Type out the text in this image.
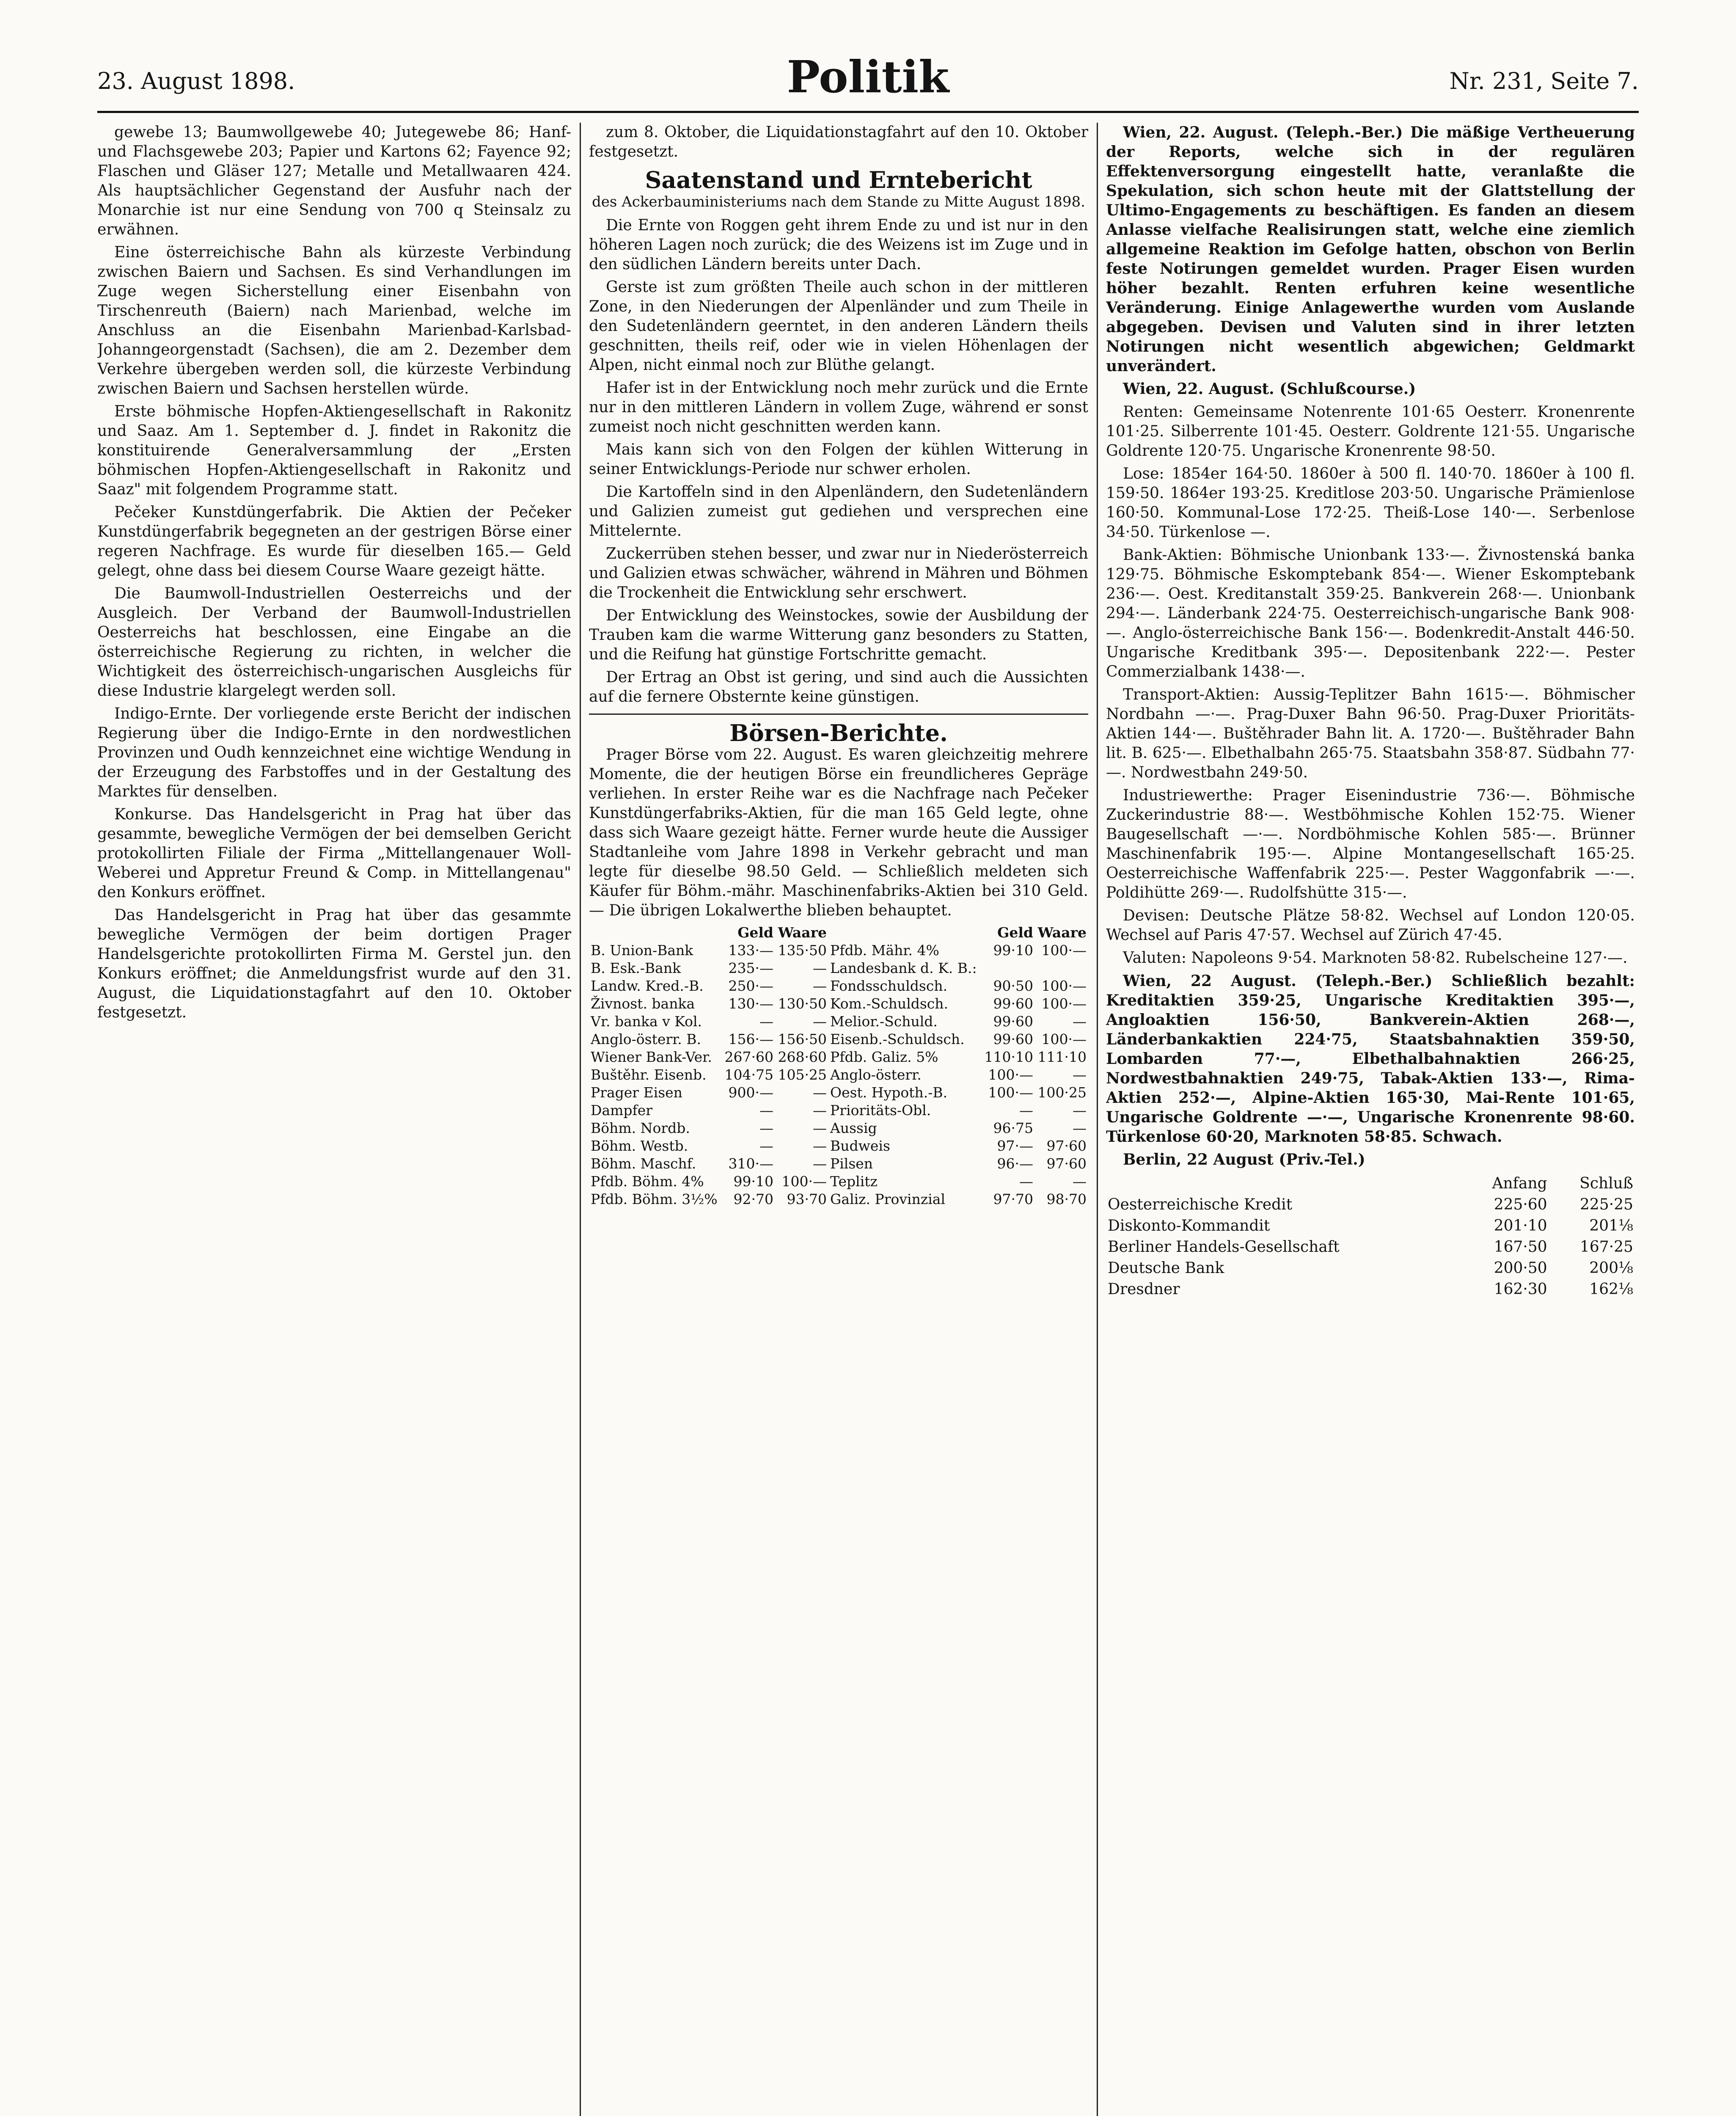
23. August 1898.	Politik	Nr. 231, Seite 7.

gewebe 13; Baumwollgewebe 40; Jutegewebe 86; Hanf- und Flachsgewebe 203; Papier und Kartons 62; Fayence 92; Flaschen und Gläser 127; Metalle und Metallwaaren 424. Als hauptsächlicher Gegenstand der Ausfuhr nach der Monarchie ist nur eine Sendung von 700 q Steinsalz zu erwähnen.

Eine österreichische Bahn als kürzeste Verbindung zwischen Baiern und Sachsen. Es sind Verhandlungen im Zuge wegen Sicherstellung einer Eisenbahn von Tirschenreuth (Baiern) nach Marienbad, welche im Anschluss an die Eisenbahn Marienbad-Karlsbad-Johanngeorgenstadt (Sachsen), die am 2. Dezember dem Verkehre übergeben werden soll, die kürzeste Verbindung zwischen Baiern und Sachsen herstellen würde.

Erste böhmische Hopfen-Aktiengesellschaft in Rakonitz und Saaz. Am 1. September d. J. findet in Rakonitz die konstituirende Generalversammlung der „Ersten böhmischen Hopfen-Aktiengesellschaft in Rakonitz und Saaz" mit folgendem Programme statt.

Pečeker Kunstdüngerfabrik. Die Aktien der Pečeker Kunstdüngerfabrik begegneten an der gestrigen Börse einer regeren Nachfrage. Es wurde für dieselben 165.— Geld gelegt, ohne dass bei diesem Course Waare gezeigt hätte.

Die Baumwoll-Industriellen Oesterreichs und der Ausgleich. Der Verband der Baumwoll-Industriellen Oesterreichs hat beschlossen, eine Eingabe an die österreichische Regierung zu richten, in welcher die Wichtigkeit des österreichisch-ungarischen Ausgleichs für diese Industrie klargelegt werden soll.

Indigo-Ernte. Der vorliegende erste Bericht der indischen Regierung über die Indigo-Ernte in den nordwestlichen Provinzen und Oudh kennzeichnet eine wichtige Wendung in der Erzeugung des Farbstoffes und in der Gestaltung des Marktes für denselben.

Konkurse. Das Handelsgericht in Prag hat über das gesammte, bewegliche Vermögen der bei demselben Gericht protokollirten Filiale der Firma „Mittellangenauer Woll-Weberei und Appretur Freund & Comp. in Mittellangenau" den Konkurs eröffnet.

Das Handelsgericht in Prag hat über das gesammte bewegliche Vermögen der beim dortigen Prager Handelsgerichte protokollirten Firma M. Gerstel jun. den Konkurs eröffnet; die Anmeldungsfrist wurde auf den 31. August, die Liquidationstagfahrt auf den 10. Oktober festgesetzt.

zum 8. Oktober, die Liquidationstagfahrt auf den 10. Oktober festgesetzt.

Saatenstand und Erntebericht
des Ackerbauministeriums nach dem Stande zu Mitte August 1898.

Die Ernte von Roggen geht ihrem Ende zu und ist nur in den höheren Lagen noch zurück; die des Weizens ist im Zuge und in den südlichen Ländern bereits unter Dach.

Gerste ist zum größten Theile auch schon in der mittleren Zone, in den Niederungen der Alpenländer und zum Theile in den Sudetenländern geerntet, in den anderen Ländern theils geschnitten, theils reif, oder wie in vielen Höhenlagen der Alpen, nicht einmal noch zur Blüthe gelangt.

Hafer ist in der Entwicklung noch mehr zurück und die Ernte nur in den mittleren Ländern in vollem Zuge, während er sonst zumeist noch nicht geschnitten werden kann.

Mais kann sich von den Folgen der kühlen Witterung in seiner Entwicklungs-Periode nur schwer erholen.

Die Kartoffeln sind in den Alpenländern, den Sudetenländern und Galizien zumeist gut gediehen und versprechen eine Mittelernte.

Zuckerrüben stehen besser, und zwar nur in Niederösterreich und Galizien etwas schwächer, während in Mähren und Böhmen die Trockenheit die Entwicklung sehr erschwert.

Der Entwicklung des Weinstockes, sowie der Ausbildung der Trauben kam die warme Witterung ganz besonders zu Statten, und die Reifung hat günstige Fortschritte gemacht.

Der Ertrag an Obst ist gering, und sind auch die Aussichten auf die fernere Obsternte keine günstigen.

Börsen-Berichte.

Prager Börse vom 22. August. Es waren gleichzeitig mehrere Momente, die der heutigen Börse ein freundlicheres Gepräge verliehen. In erster Reihe war es die Nachfrage nach Pečeker Kunstdüngerfabriks-Aktien, für die man 165 Geld legte, ohne dass sich Waare gezeigt hätte. Ferner wurde heute die Aussiger Stadtanleihe vom Jahre 1898 in Verkehr gebracht und man legte für dieselbe 98.50 Geld. — Schließlich meldeten sich Käufer für Böhm.-mähr. Maschinenfabriks-Aktien bei 310 Geld. — Die übrigen Lokalwerthe blieben behauptet.

	Geld	Waare		Geld	Waare
B. Union-Bank	133·—	135·50	Pfdb. Mähr. 4%	99·10	100·—
B. Esk.-Bank	235·—	—	Landesbank d. K. B.:		
Landw. Kred.-B.	250·—	—	Fondsschuldsch.	90·50	100·—
Živnost. banka	130·—	130·50	Kom.-Schuldsch.	99·60	100·—
Vr. banka v Kol.	—	—	Melior.-Schuld.	99·60	—
Anglo-österr. B.	156·—	156·50	Eisenb.-Schuldsch.	99·60	100·—
Wiener Bank-Ver.	267·60	268·60	Pfdb. Galiz. 5%	110·10	111·10
Buštěhr. Eisenb.	104·75	105·25	Anglo-österr.	100·—	—
Prager Eisen	900·—	—	Oest. Hypoth.-B.	100·—	100·25
Dampfer	—	—	Prioritäts-Obl.	—	—
Böhm. Nordb.	—	—	Aussig	96·75	—
Böhm. Westb.	—	—	Budweis	97·—	97·60
Böhm. Maschf.	310·—	—	Pilsen	96·—	97·60
Pfdb. Böhm. 4%	99·10	100·—	Teplitz	—	—
Pfdb. Böhm. 3½%	92·70	93·70	Galiz. Provinzial	97·70	98·70

Wien, 22. August. (Teleph.-Ber.) Die mäßige Vertheuerung der Reports, welche sich in der regulären Effektenversorgung eingestellt hatte, veranlaßte die Spekulation, sich schon heute mit der Glattstellung der Ultimo-Engagements zu beschäftigen. Es fanden an diesem Anlasse vielfache Realisirungen statt, welche eine ziemlich allgemeine Reaktion im Gefolge hatten, obschon von Berlin feste Notirungen gemeldet wurden. Prager Eisen wurden höher bezahlt. Renten erfuhren keine wesentliche Veränderung. Einige Anlagewerthe wurden vom Auslande abgegeben. Devisen und Valuten sind in ihrer letzten Notirungen nicht wesentlich abgewichen; Geldmarkt unverändert.

Wien, 22. August. (Schlußcourse.)

Renten: Gemeinsame Notenrente 101·65 Oesterr. Kronenrente 101·25. Silberrente 101·45. Oesterr. Goldrente 121·55. Ungarische Goldrente 120·75. Ungarische Kronenrente 98·50.

Lose: 1854er 164·50. 1860er à 500 fl. 140·70. 1860er à 100 fl. 159·50. 1864er 193·25. Kreditlose 203·50. Ungarische Prämienlose 160·50. Kommunal-Lose 172·25. Theiß-Lose 140·—. Serbenlose 34·50. Türkenlose —.

Bank-Aktien: Böhmische Unionbank 133·—. Živnostenská banka 129·75. Böhmische Eskomptebank 854·—. Wiener Eskomptebank 236·—. Oest. Kreditanstalt 359·25. Bankverein 268·—. Unionbank 294·—. Länderbank 224·75. Oesterreichisch-ungarische Bank 908·—. Anglo-österreichische Bank 156·—. Bodenkredit-Anstalt 446·50. Ungarische Kreditbank 395·—. Depositenbank 222·—. Pester Commerzialbank 1438·—.

Transport-Aktien: Aussig-Teplitzer Bahn 1615·—. Böhmischer Nordbahn —·—. Prag-Duxer Bahn 96·50. Prag-Duxer Prioritäts-Aktien 144·—. Buštěhrader Bahn lit. A. 1720·—. Buštěhrader Bahn lit. B. 625·—. Elbethalbahn 265·75. Staatsbahn 358·87. Südbahn 77·—. Nordwestbahn 249·50.

Industriewerthe: Prager Eisenindustrie 736·—. Böhmische Zuckerindustrie 88·—. Westböhmische Kohlen 152·75. Wiener Baugesellschaft —·—. Nordböhmische Kohlen 585·—. Brünner Maschinenfabrik 195·—. Alpine Montangesellschaft 165·25. Oesterreichische Waffenfabrik 225·—. Pester Waggonfabrik —·—. Poldihütte 269·—. Rudolfshütte 315·—.

Devisen: Deutsche Plätze 58·82. Wechsel auf London 120·05. Wechsel auf Paris 47·57. Wechsel auf Zürich 47·45.

Valuten: Napoleons 9·54. Marknoten 58·82. Rubelscheine 127·—.

Wien, 22 August. (Teleph.-Ber.) Schließlich bezahlt: Kreditaktien 359·25, Ungarische Kreditaktien 395·—, Angloaktien 156·50, Bankverein-Aktien 268·—, Länderbankaktien 224·75, Staatsbahnaktien 359·50, Lombarden 77·—, Elbethalbahnaktien 266·25, Nordwestbahnaktien 249·75, Tabak-Aktien 133·—, Rima-Aktien 252·—, Alpine-Aktien 165·30, Mai-Rente 101·65, Ungarische Goldrente —·—, Ungarische Kronenrente 98·60. Türkenlose 60·20, Marknoten 58·85. Schwach.

Berlin, 22 August (Priv.-Tel.)

	Anfang	Schluß
Oesterreichische Kredit	225·60	225·25
Diskonto-Kommandit	201·10	201⅛
Berliner Handels-Gesellschaft	167·50	167·25
Deutsche Bank	200·50	200⅛
Dresdner	162·30	162⅛
